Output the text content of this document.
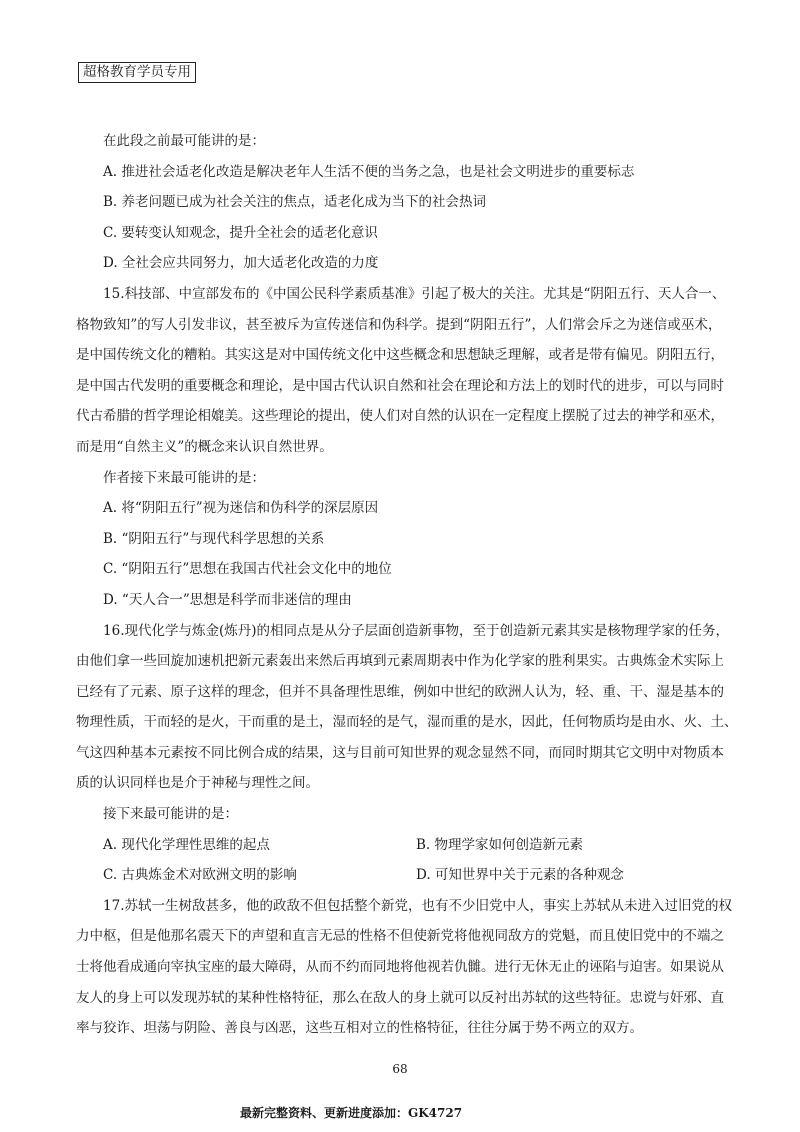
超格教育学员专用
在此段之前最可能讲的是：
A. 推进社会适老化改造是解决老年人生活不便的当务之急，也是社会文明进步的重要标志
B. 养老问题已成为社会关注的焦点，适老化成为当下的社会热词
C. 要转变认知观念，提升全社会的适老化意识
D. 全社会应共同努力，加大适老化改造的力度
1 5 . 科 技 部 、 中 宣 部 发 布 的 《 中 国 公 民 科 学 素 质 基 准 》 引 起 了 极 大 的 关 注 。 尤 其 是 “ 阴 阳 五 行 、 天 人 合 一 、
格 物 致 知 ” 的 写 人 引 发 非 议 ， 甚 至 被 斥 为 宣 传 迷 信 和 伪 科 学 。 提 到 “ 阴 阳 五 行 ” ， 人 们 常 会 斥 之 为 迷 信 或 巫 术 ，
是 中 国 传 统 文 化 的 糟 粕 。 其 实 这 是 对 中 国 传 统 文 化 中 这 些 概 念 和 思 想 缺 乏 理 解 ， 或 者 是 带 有 偏 见 。 阴 阳 五 行 ，
是 中 国 古 代 发 明 的 重 要 概 念 和 理 论 ， 是 中 国 古 代 认 识 自 然 和 社 会 在 理 论 和 方 法 上 的 划 时 代 的 进 步 ， 可 以 与 同 时
代 古 希 腊 的 哲 学 理 论 相 媲 美 。 这 些 理 论 的 提 出 ， 使 人 们 对 自 然 的 认 识 在 一 定 程 度 上 摆 脱 了 过 去 的 神 学 和 巫 术 ，
而是用“自然主义”的概念来认识自然世界。
作者接下来最可能讲的是：
A. 将“阴阳五行”视为迷信和伪科学的深层原因
B. “阴阳五行”与现代科学思想的关系
C. “阴阳五行”思想在我国古代社会文化中的地位
D. “天人合一”思想是科学而非迷信的理由
1 6 . 现 代 化 学 与 炼 金 ( 炼 丹 ) 的 相 同 点 是 从 分 子 层 面 创 造 新 事 物 ， 至 于 创 造 新 元 素 其 实 是 核 物 理 学 家 的 任 务 ，
由 他 们 拿 一 些 回 旋 加 速 机 把 新 元 素 轰 出 来 然 后 再 填 到 元 素 周 期 表 中 作 为 化 学 家 的 胜 利 果 实 。 古 典 炼 金 术 实 际 上
已 经 有 了 元 素 、 原 子 这 样 的 理 念 ， 但 并 不 具 备 理 性 思 维 ， 例 如 中 世 纪 的 欧 洲 人 认 为 ， 轻 、 重 、 干 、 湿 是 基 本 的
物 理 性 质 ， 干 而 轻 的 是 火 ， 干 而 重 的 是 土 ， 湿 而 轻 的 是 气 ， 湿 而 重 的 是 水 ， 因 此 ， 任 何 物 质 均 是 由 水 、 火 、 土 、
气 这 四 种 基 本 元 素 按 不 同 比 例 合 成 的 结 果 ， 这 与 目 前 可 知 世 界 的 观 念 显 然 不 同 ， 而 同 时 期 其 它 文 明 中 对 物 质 本
质的认识同样也是介于神秘与理性之间。
接下来最可能讲的是：
A. 现代化学理性思维的起点	B. 物理学家如何创造新元素
C. 古典炼金术对欧洲文明的影响	D. 可知世界中关于元素的各种观念
1 7 . 苏 轼 一 生 树 敌 甚 多 ， 他 的 政 敌 不 但 包 括 整 个 新 党 ， 也 有 不 少 旧 党 中 人 ， 事 实 上 苏 轼 从 未 进 入 过 旧 党 的 权
力 中 枢 ， 但 是 他 那 名 震 天 下 的 声 望 和 直 言 无 忌 的 性 格 不 但 使 新 党 将 他 视 同 敌 方 的 党 魁 ， 而 且 使 旧 党 中 的 不 端 之
士 将 他 看 成 通 向 宰 执 宝 座 的 最 大 障 碍 ， 从 而 不 约 而 同 地 将 他 视 若 仇 雠 。 进 行 无 休 无 止 的 诬 陷 与 迫 害 。 如 果 说 从
友 人 的 身 上 可 以 发 现 苏 轼 的 某 种 性 格 特 征 ， 那 么 在 敌 人 的 身 上 就 可 以 反 衬 出 苏 轼 的 这 些 特 征 。 忠 谠 与 奸 邪 、 直
率与狡诈、坦荡与阴险、善良与凶恶，这些互相对立的性格特征，往往分属于势不两立的双方。
68
最新完整资料、更新进度添加：GK4727
